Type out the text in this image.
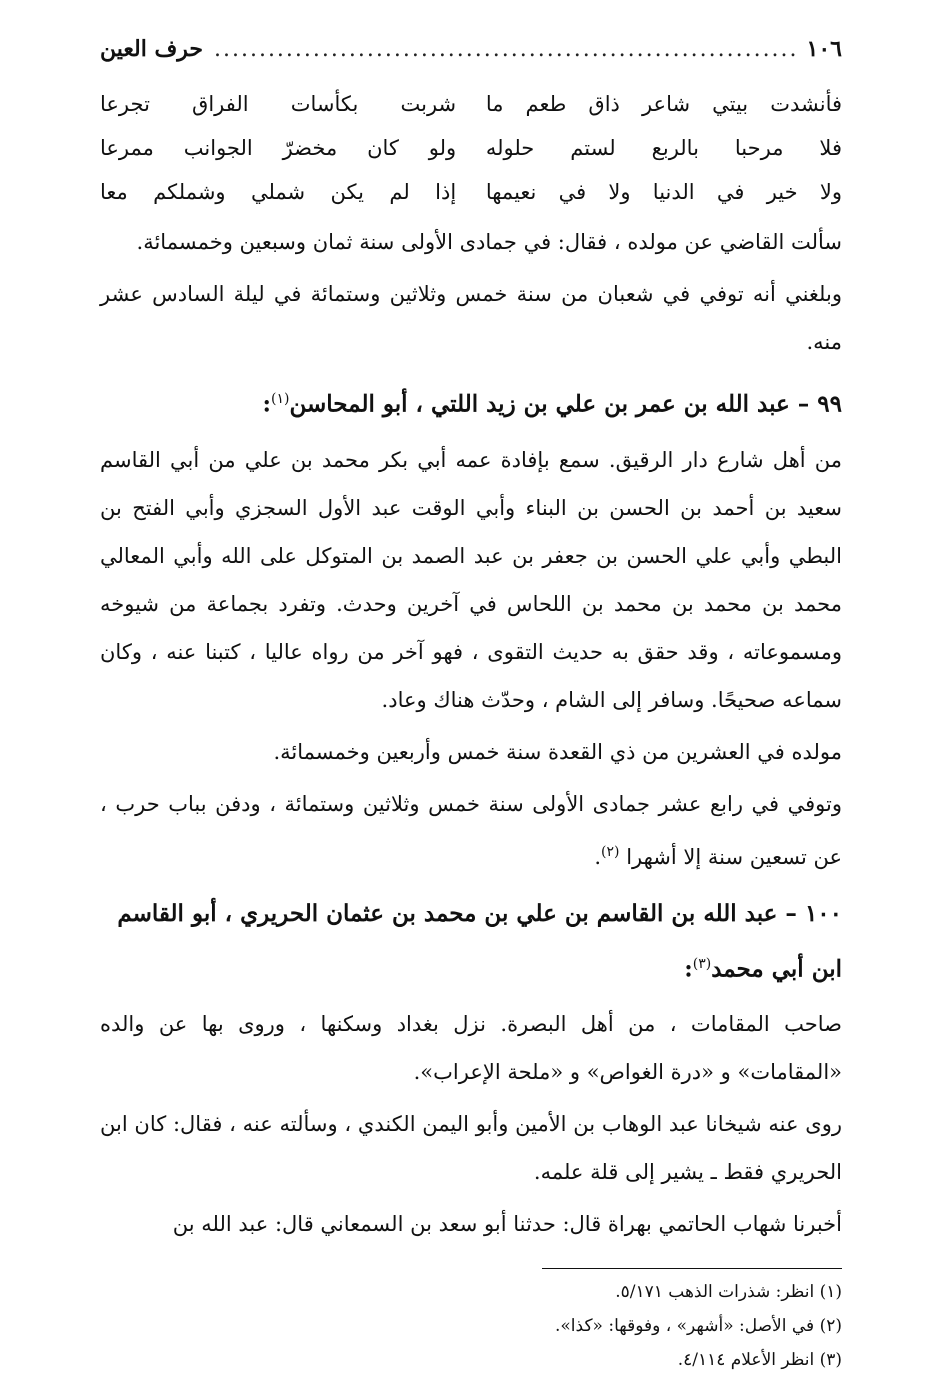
١٠٦
.....
حرف العين
فأنشدت بيتي شاعر ذاق طعم ما
شربت بكأسات الفراق تجرعا
فلا مرحبا بالربع لستم حلوله
ولو كان مخضرّ الجوانب ممرعا
ولا خير في الدنيا ولا في نعيمها
إذا لم يكن شملي وشملكم معا

سألت القاضي عن مولده ، فقال: في جمادى الأولى سنة ثمان وسبعين وخمسمائة.

وبلغني أنه توفي في شعبان من سنة خمس وثلاثين وستمائة في ليلة السادس عشر منه.

٩٩ – عبد الله بن عمر بن علي بن زيد اللتي ، أبو المحاسن$^{(١)}$:

من أهل شارع دار الرقيق. سمع بإفادة عمه أبي بكر محمد بن علي من أبي القاسم سعيد بن أحمد بن الحسن بن البناء وأبي الوقت عبد الأول السجزي وأبي الفتح بن البطي وأبي علي الحسن بن جعفر بن عبد الصمد بن المتوكل على الله وأبي المعالي محمد بن محمد بن محمد بن اللحاس في آخرين وحدث. وتفرد بجماعة من شيوخه ومسموعاته ، وقد حقق به حديث التقوى ، فهو آخر من رواه عاليا ، كتبنا عنه ، وكان سماعه صحيحًا. وسافر إلى الشام ، وحدّث هناك وعاد.

مولده في العشرين من ذي القعدة سنة خمس وأربعين وخمسمائة.

وتوفي في رابع عشر جمادى الأولى سنة خمس وثلاثين وستمائة ، ودفن بباب حرب ، عن تسعين سنة إلا أشهرا $^{(٢)}$.

١٠٠ – عبد الله بن القاسم بن علي بن محمد بن عثمان الحريري ، أبو القاسم ابن أبي محمد$^{(٣)}$:

صاحب المقامات ، من أهل البصرة. نزل بغداد وسكنها ، وروى بها عن والده «المقامات» و «درة الغواص» و «ملحة الإعراب».

روى عنه شيخانا عبد الوهاب بن الأمين وأبو اليمن الكندي ، وسألته عنه ، فقال: كان ابن الحريري فقط ـ يشير إلى قلة علمه.

أخبرنا شهاب الحاتمي بهراة قال: حدثنا أبو سعد بن السمعاني قال: عبد الله بن

(١) انظر: شذرات الذهب ٥/١٧١.
(٢) في الأصل: «أشهر» ، وفوقها: «كذا».
(٣) انظر الأعلام ٤/١١٤.
